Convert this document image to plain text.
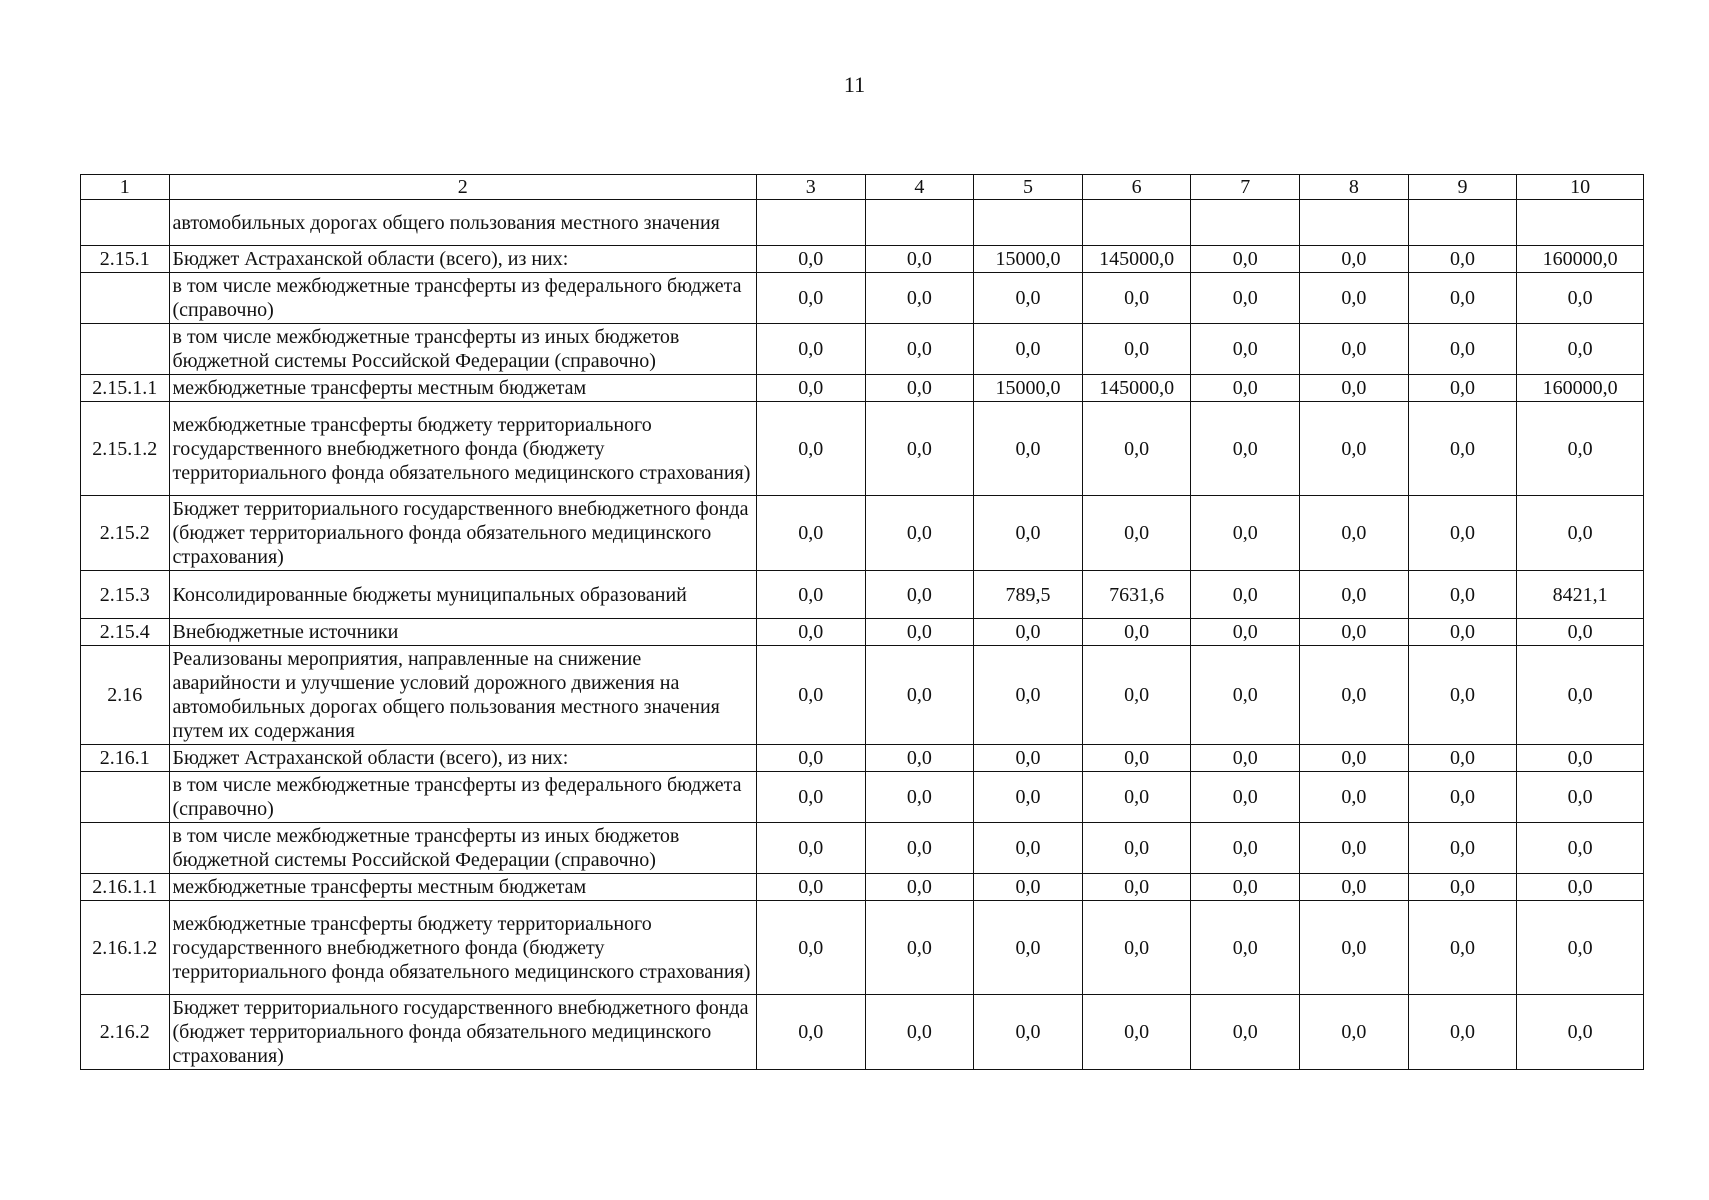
11
1	2	3	4	5	6	7	8	9	10
	автомобильных дорогах общего пользования местного значения								
2.15.1	Бюджет Астраханской области (всего), из них:	0,0	0,0	15000,0	145000,0	0,0	0,0	0,0	160000,0
	в том числе межбюджетные трансферты из федерального бюджета (справочно)	0,0	0,0	0,0	0,0	0,0	0,0	0,0	0,0
	в том числе межбюджетные трансферты из иных бюджетов бюджетной системы Российской Федерации (справочно)	0,0	0,0	0,0	0,0	0,0	0,0	0,0	0,0
2.15.1.1	межбюджетные трансферты местным бюджетам	0,0	0,0	15000,0	145000,0	0,0	0,0	0,0	160000,0
2.15.1.2	межбюджетные трансферты бюджету территориального государственного внебюджетного фонда (бюджету территориального фонда обязательного медицинского страхования)	0,0	0,0	0,0	0,0	0,0	0,0	0,0	0,0
2.15.2	Бюджет территориального государственного внебюджетного фонда (бюджет территориального фонда обязательного медицинского страхования)	0,0	0,0	0,0	0,0	0,0	0,0	0,0	0,0
2.15.3	Консолидированные бюджеты муниципальных образований	0,0	0,0	789,5	7631,6	0,0	0,0	0,0	8421,1
2.15.4	Внебюджетные источники	0,0	0,0	0,0	0,0	0,0	0,0	0,0	0,0
2.16	Реализованы мероприятия, направленные на снижение аварийности и улучшение условий дорожного движения на автомобильных дорогах общего пользования местного значения путем их содержания	0,0	0,0	0,0	0,0	0,0	0,0	0,0	0,0
2.16.1	Бюджет Астраханской области (всего), из них:	0,0	0,0	0,0	0,0	0,0	0,0	0,0	0,0
	в том числе межбюджетные трансферты из федерального бюджета (справочно)	0,0	0,0	0,0	0,0	0,0	0,0	0,0	0,0
	в том числе межбюджетные трансферты из иных бюджетов бюджетной системы Российской Федерации (справочно)	0,0	0,0	0,0	0,0	0,0	0,0	0,0	0,0
2.16.1.1	межбюджетные трансферты местным бюджетам	0,0	0,0	0,0	0,0	0,0	0,0	0,0	0,0
2.16.1.2	межбюджетные трансферты бюджету территориального государственного внебюджетного фонда (бюджету территориального фонда обязательного медицинского страхования)	0,0	0,0	0,0	0,0	0,0	0,0	0,0	0,0
2.16.2	Бюджет территориального государственного внебюджетного фонда (бюджет территориального фонда обязательного медицинского страхования)	0,0	0,0	0,0	0,0	0,0	0,0	0,0	0,0
